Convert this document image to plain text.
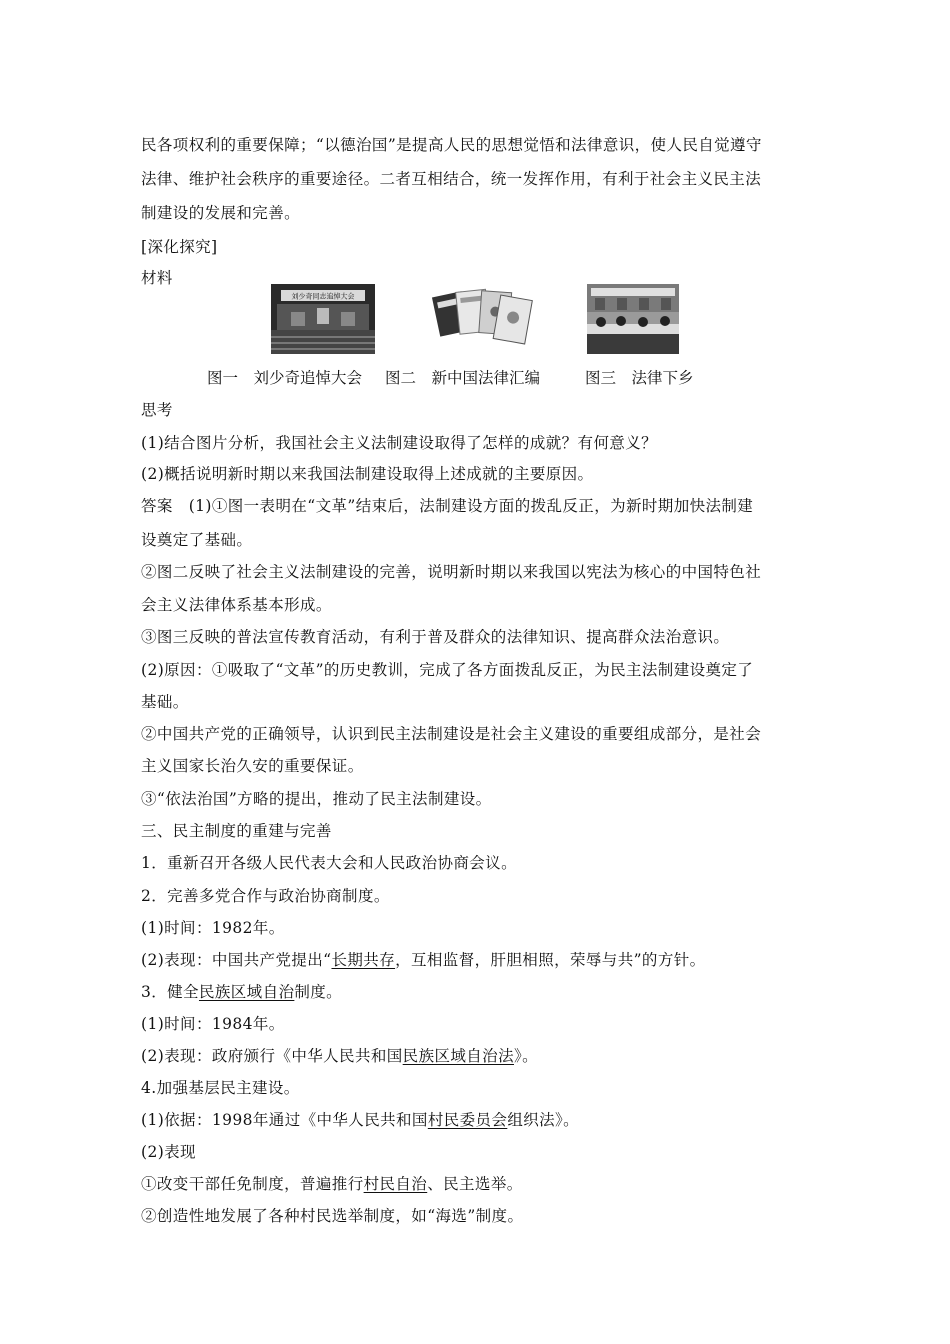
民各项权利的重要保障；“以德治国”是提高人民的思想觉悟和法律意识，使人民自觉遵守
法律、维护社会秩序的重要途径。二者互相结合，统一发挥作用，有利于社会主义民主法
制建设的发展和完善。
[深化探究]
材料
刘少奇同志追悼大会
图一　刘少奇追悼大会 图二　新中国法律汇编	图三　法律下乡
思考
(1)结合图片分析，我国社会主义法制建设取得了怎样的成就？有何意义？
(2)概括说明新时期以来我国法制建设取得上述成就的主要原因。
答案　(1)①图一表明在“文革”结束后，法制建设方面的拨乱反正，为新时期加快法制建
设奠定了基础。
②图二反映了社会主义法制建设的完善，说明新时期以来我国以宪法为核心的中国特色社
会主义法律体系基本形成。
③图三反映的普法宣传教育活动，有利于普及群众的法律知识、提高群众法治意识。
(2)原因：①吸取了“文革”的历史教训，完成了各方面拨乱反正，为民主法制建设奠定了
基础。
②中国共产党的正确领导，认识到民主法制建设是社会主义建设的重要组成部分，是社会
主义国家长治久安的重要保证。
③“依法治国”方略的提出，推动了民主法制建设。
三、民主制度的重建与完善
1．重新召开各级人民代表大会和人民政治协商会议。
2．完善多党合作与政治协商制度。
(1)时间：1982年。
(2)表现：中国共产党提出“长期共存，互相监督，肝胆相照，荣辱与共”的方针。
3．健全民族区域自治制度。
(1)时间：1984年。
(2)表现：政府颁行《中华人民共和国民族区域自治法》。
4.加强基层民主建设。
(1)依据：1998年通过《中华人民共和国村民委员会组织法》。
(2)表现
①改变干部任免制度，普遍推行村民自治、民主选举。
②创造性地发展了各种村民选举制度，如“海选”制度。
